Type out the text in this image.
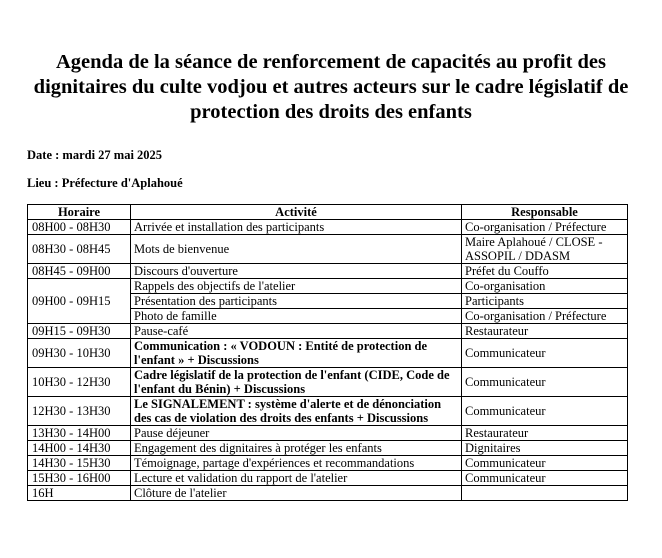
Agenda de la séance de renforcement de capacités au profit des dignitaires du culte vodjou et autres acteurs sur le cadre législatif de protection des droits des enfants

Date : mardi 27 mai 2025

Lieu : Préfecture d'Aplahoué

Horaire	Activité	Responsable
08H00 - 08H30	Arrivée et installation des participants	Co-organisation / Préfecture
08H30 - 08H45	Mots de bienvenue	Maire Aplahoué / CLOSE - ASSOPIL / DDASM
08H45 - 09H00	Discours d'ouverture	Préfet du Couffo
09H00 - 09H15	Rappels des objectifs de l'atelier	Co-organisation
	Présentation des participants	Participants
	Photo de famille	Co-organisation / Préfecture
09H15 - 09H30	Pause-café	Restaurateur
09H30 - 10H30	Communication : « VODOUN : Entité de protection de l'enfant » + Discussions	Communicateur
10H30 - 12H30	Cadre législatif de la protection de l'enfant (CIDE, Code de l'enfant du Bénin) + Discussions	Communicateur
12H30 - 13H30	Le SIGNALEMENT : système d'alerte et de dénonciation des cas de violation des droits des enfants + Discussions	Communicateur
13H30 - 14H00	Pause déjeuner	Restaurateur
14H00 - 14H30	Engagement des dignitaires à protéger les enfants	Dignitaires
14H30 - 15H30	Témoignage, partage d'expériences et recommandations	Communicateur
15H30 - 16H00	Lecture et validation du rapport de l'atelier	Communicateur
16H	Clôture de l'atelier	
